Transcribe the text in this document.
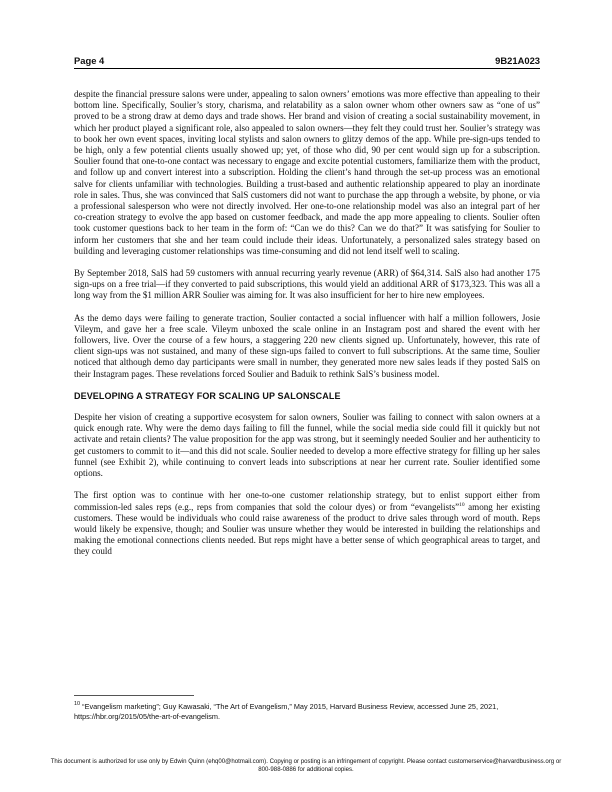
Page 4	9B21A023

despite the financial pressure salons were under, appealing to salon owners’ emotions was more effective than appealing to their bottom line. Specifically, Soulier’s story, charisma, and relatability as a salon owner whom other owners saw as “one of us” proved to be a strong draw at demo days and trade shows. Her brand and vision of creating a social sustainability movement, in which her product played a significant role, also appealed to salon owners—they felt they could trust her. Soulier’s strategy was to book her own event spaces, inviting local stylists and salon owners to glitzy demos of the app. While pre-sign-ups tended to be high, only a few potential clients usually showed up; yet, of those who did, 90 per cent would sign up for a subscription. Soulier found that one-to-one contact was necessary to engage and excite potential customers, familiarize them with the product, and follow up and convert interest into a subscription. Holding the client’s hand through the set-up process was an emotional salve for clients unfamiliar with technologies. Building a trust-based and authentic relationship appeared to play an inordinate role in sales. Thus, she was convinced that SalS customers did not want to purchase the app through a website, by phone, or via a professional salesperson who were not directly involved. Her one-to-one relationship model was also an integral part of her co-creation strategy to evolve the app based on customer feedback, and made the app more appealing to clients. Soulier often took customer questions back to her team in the form of: “Can we do this? Can we do that?” It was satisfying for Soulier to inform her customers that she and her team could include their ideas. Unfortunately, a personalized sales strategy based on building and leveraging customer relationships was time-consuming and did not lend itself well to scaling.

By September 2018, SalS had 59 customers with annual recurring yearly revenue (ARR) of $64,314. SalS also had another 175 sign-ups on a free trial—if they converted to paid subscriptions, this would yield an additional ARR of $173,323. This was all a long way from the $1 million ARR Soulier was aiming for. It was also insufficient for her to hire new employees.

As the demo days were failing to generate traction, Soulier contacted a social influencer with half a million followers, Josie Vileym, and gave her a free scale. Vileym unboxed the scale online in an Instagram post and shared the event with her followers, live. Over the course of a few hours, a staggering 220 new clients signed up. Unfortunately, however, this rate of client sign-ups was not sustained, and many of these sign-ups failed to convert to full subscriptions. At the same time, Soulier noticed that although demo day participants were small in number, they generated more new sales leads if they posted SalS on their Instagram pages. These revelations forced Soulier and Baduik to rethink SalS’s business model.

DEVELOPING A STRATEGY FOR SCALING UP SALONSCALE

Despite her vision of creating a supportive ecosystem for salon owners, Soulier was failing to connect with salon owners at a quick enough rate. Why were the demo days failing to fill the funnel, while the social media side could fill it quickly but not activate and retain clients? The value proposition for the app was strong, but it seemingly needed Soulier and her authenticity to get customers to commit to it—and this did not scale. Soulier needed to develop a more effective strategy for filling up her sales funnel (see Exhibit 2), while continuing to convert leads into subscriptions at near her current rate. Soulier identified some options.

The first option was to continue with her one-to-one customer relationship strategy, but to enlist support either from commission-led sales reps (e.g., reps from companies that sold the colour dyes) or from “evangelists”$^{10}$ among her existing customers. These would be individuals who could raise awareness of the product to drive sales through word of mouth. Reps would likely be expensive, though; and Soulier was unsure whether they would be interested in building the relationships and making the emotional connections clients needed. But reps might have a better sense of which geographical areas to target, and they could

$^{10}$ “Evangelism marketing”; Guy Kawasaki, “The Art of Evangelism,” May 2015, Harvard Business Review, accessed June 25, 2021, https://hbr.org/2015/05/the-art-of-evangelism.
This document is authorized for use only by Edwin Quinn (ehq00@hotmail.com). Copying or posting is an infringement of copyright. Please contact customerservice@harvardbusiness.org or
800-988-0886 for additional copies.
